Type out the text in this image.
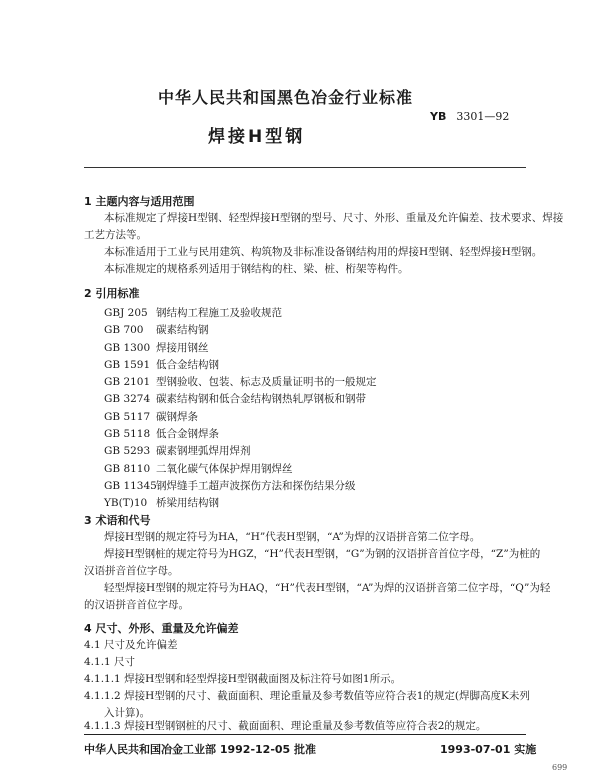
中华人民共和国黑色冶金行业标准
YB 3301—92
焊接H型钢
1 主题内容与适用范围
本标准规定了焊接H型钢、轻型焊接H型钢的型号、尺寸、外形、重量及允许偏差、技术要求、焊接
工艺方法等。
本标准适用于工业与民用建筑、构筑物及非标准设备钢结构用的焊接H型钢、轻型焊接H型钢。
本标准规定的规格系列适用于钢结构的柱、梁、桩、桁架等构件。
2 引用标准
GBJ 205 钢结构工程施工及验收规范
GB 700 碳素结构钢
GB 1300 焊接用钢丝
GB 1591 低合金结构钢
GB 2101 型钢验收、包装、标志及质量证明书的一般规定
GB 3274 碳素结构钢和低合金结构钢热轧厚钢板和钢带
GB 5117 碳钢焊条
GB 5118 低合金钢焊条
GB 5293 碳素钢埋弧焊用焊剂
GB 8110 二氧化碳气体保护焊用钢焊丝
GB 11345钢焊缝手工超声波探伤方法和探伤结果分级
YB(T)10 桥梁用结构钢
3 术语和代号
焊接H型钢的规定符号为HA，“H”代表H型钢，“A”为焊的汉语拼音第二位字母。
焊接H型钢桩的规定符号为HGZ，“H”代表H型钢，“G”为钢的汉语拼音首位字母，“Z”为桩的
汉语拼音首位字母。
轻型焊接H型钢的规定符号为HAQ，“H”代表H型钢，“A”为焊的汉语拼音第二位字母，“Q”为轻
的汉语拼音首位字母。
4 尺寸、外形、重量及允许偏差
4.1 尺寸及允许偏差
4.1.1 尺寸
4.1.1.1 焊接H型钢和轻型焊接H型钢截面图及标注符号如图1所示。
4.1.1.2 焊接H型钢的尺寸、截面面积、理论重量及参考数值等应符合表1的规定(焊脚高度K未列
入计算)。
4.1.1.3 焊接H型钢钢桩的尺寸、截面面积、理论重量及参考数值等应符合表2的规定。
中华人民共和国冶金工业部 1992-12-05 批准	1993-07-01 实施
699
